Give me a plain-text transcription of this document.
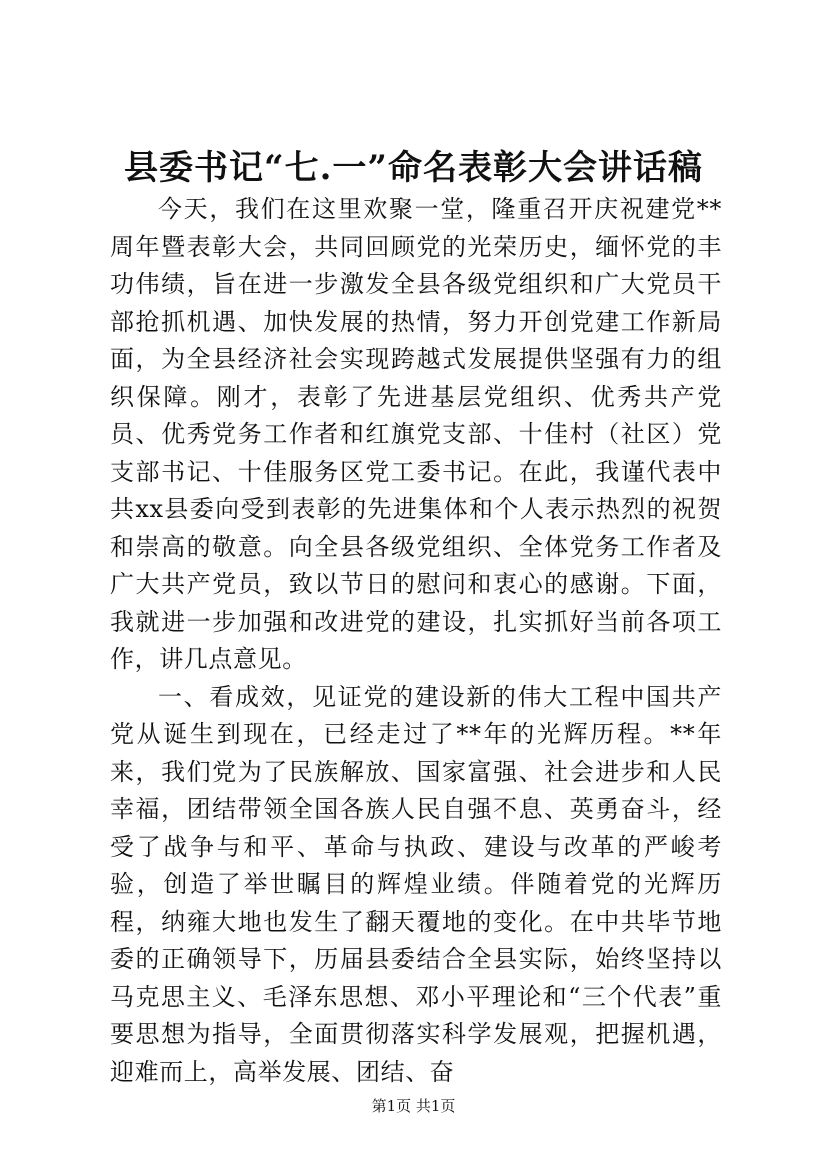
县委书记“七.一”命名表彰大会讲话稿

今天，我们在这里欢聚一堂，隆重召开庆祝建党**周年暨表彰大会，共同回顾党的光荣历史，缅怀党的丰功伟绩，旨在进一步激发全县各级党组织和广大党员干部抢抓机遇、加快发展的热情，努力开创党建工作新局面，为全县经济社会实现跨越式发展提供坚强有力的组织保障。刚才，表彰了先进基层党组织、优秀共产党员、优秀党务工作者和红旗党支部、十佳村（社区）党支部书记、十佳服务区党工委书记。在此，我谨代表中共xx县委向受到表彰的先进集体和个人表示热烈的祝贺和崇高的敬意。向全县各级党组织、全体党务工作者及广大共产党员，致以节日的慰问和衷心的感谢。下面，我就进一步加强和改进党的建设，扎实抓好当前各项工作，讲几点意见。

一、看成效，见证党的建设新的伟大工程中国共产党从诞生到现在，已经走过了**年的光辉历程。**年来，我们党为了民族解放、国家富强、社会进步和人民幸福，团结带领全国各族人民自强不息、英勇奋斗，经受了战争与和平、革命与执政、建设与改革的严峻考验，创造了举世瞩目的辉煌业绩。伴随着党的光辉历程，纳雍大地也发生了翻天覆地的变化。在中共毕节地委的正确领导下，历届县委结合全县实际，始终坚持以马克思主义、毛泽东思想、邓小平理论和“三个代表”重要思想为指导，全面贯彻落实科学发展观，把握机遇，迎难而上，高举发展、团结、奋

第1页 共1页
